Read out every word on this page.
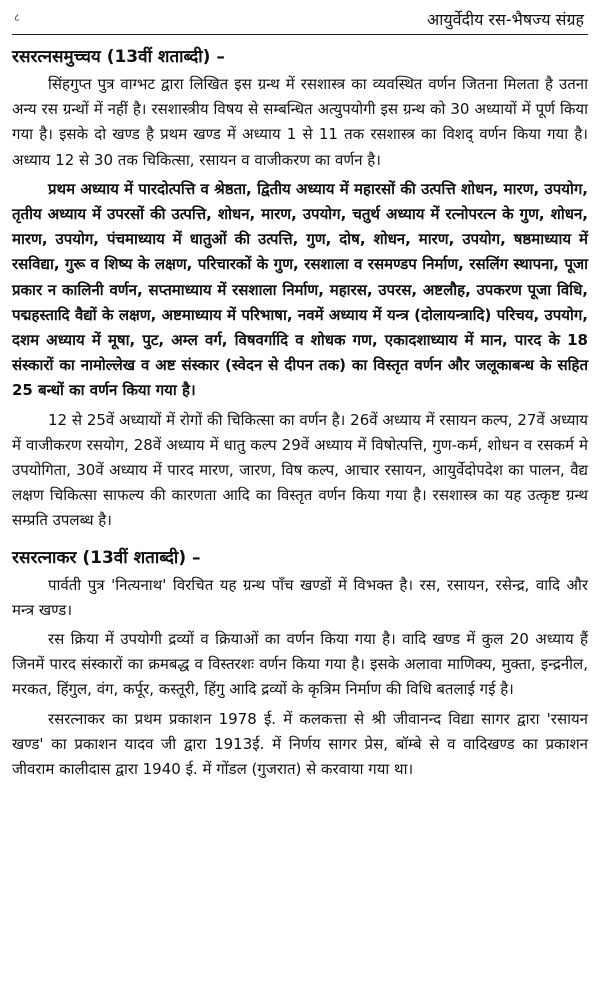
८	आयुर्वेदीय रस-भैषज्य संग्रह
रसरत्नसमुच्चय (13वीं शताब्दी) –

सिंहगुप्त पुत्र वाग्भट द्वारा लिखित इस ग्रन्थ में रसशास्त्र का व्यवस्थित वर्णन जितना मिलता है उतना अन्य रस ग्रन्थों में नहीं है। रसशास्त्रीय विषय से सम्बन्धित अत्युपयोगी इस ग्रन्थ को 30 अध्यायों में पूर्ण किया गया है। इसके दो खण्ड है प्रथम खण्ड में अध्याय 1 से 11 तक रसशास्त्र का विशद् वर्णन किया गया है। अध्याय 12 से 30 तक चिकित्सा, रसायन व वाजीकरण का वर्णन है।

प्रथम अध्याय में पारदोत्पत्ति व श्रेष्ठता, द्वितीय अध्याय में महारसों की उत्पत्ति शोधन, मारण, उपयोग, तृतीय अध्याय में उपरसों की उत्पत्ति, शोधन, मारण, उपयोग, चतुर्थ अध्याय में रत्नोपरत्न के गुण, शोधन, मारण, उपयोग, पंचमाध्याय में धातुओं की उत्पत्ति, गुण, दोष, शोधन, मारण, उपयोग, षष्ठमाध्याय में रसविद्या, गुरू व शिष्य के लक्षण, परिचारकों के गुण, रसशाला व रसमण्डप निर्माण, रसलिंग स्थापना, पूजा प्रकार न कालिनी वर्णन, सप्तमाध्याय में रसशाला निर्माण, महारस, उपरस, अष्टलौह, उपकरण पूजा विधि, पद्महस्तादि वैद्यों के लक्षण, अष्टमाध्याय में परिभाषा, नवमें अध्याय में यन्त्र (दोलायन्त्रादि) परिचय, उपयोग, दशम अध्याय में मूषा, पुट, अम्ल वर्ग, विषवर्गादि व शोधक गण, एकादशाध्याय में मान, पारद के 18 संस्कारों का नामोल्लेख व अष्ट संस्कार (स्वेदन से दीपन तक) का विस्तृत वर्णन और जलूकाबन्ध के सहित 25 बन्धों का वर्णन किया गया है।

12 से 25वें अध्यायों में रोगों की चिकित्सा का वर्णन है। 26वें अध्याय में रसायन कल्प, 27वें अध्याय में वाजीकरण रसयोग, 28वें अध्याय में धातु कल्प 29वें अध्याय में विषोत्पत्ति, गुण-कर्म, शोधन व रसकर्म मे उपयोगिता, 30वें अध्याय में पारद मारण, जारण, विष कल्प, आचार रसायन, आयुर्वेदोपदेश का पालन, वैद्य लक्षण चिकित्सा साफल्य की कारणता आदि का विस्तृत वर्णन किया गया है। रसशास्त्र का यह उत्कृष्ट ग्रन्थ सम्प्रति उपलब्ध है।

रसरत्नाकर (13वीं शताब्दी) –

पार्वती पुत्र 'नित्यनाथ' विरचित यह ग्रन्थ पाँच खण्डों में विभक्त है। रस, रसायन, रसेन्द्र, वादि और मन्त्र खण्ड।

रस क्रिया में उपयोगी द्रव्यों व क्रियाओं का वर्णन किया गया है। वादि खण्ड में कुल 20 अध्याय हैं जिनमें पारद संस्कारों का क्रमबद्ध व विस्तरशः वर्णन किया गया है। इसके अलावा माणिक्य, मुक्ता, इन्द्रनील, मरकत, हिंगुल, वंग, कर्पूर, कस्तूरी, हिंगु आदि द्रव्यों के कृत्रिम निर्माण की विधि बतलाई गई है।

रसरत्नाकर का प्रथम प्रकाशन 1978 ई. में कलकत्ता से श्री जीवानन्द विद्या सागर द्वारा 'रसायन खण्ड' का प्रकाशन यादव जी द्वारा 1913ई. में निर्णय सागर प्रेस, बॉम्बे से व वादिखण्ड का प्रकाशन जीवराम कालीदास द्वारा 1940 ई. में गोंडल (गुजरात) से करवाया गया था।
